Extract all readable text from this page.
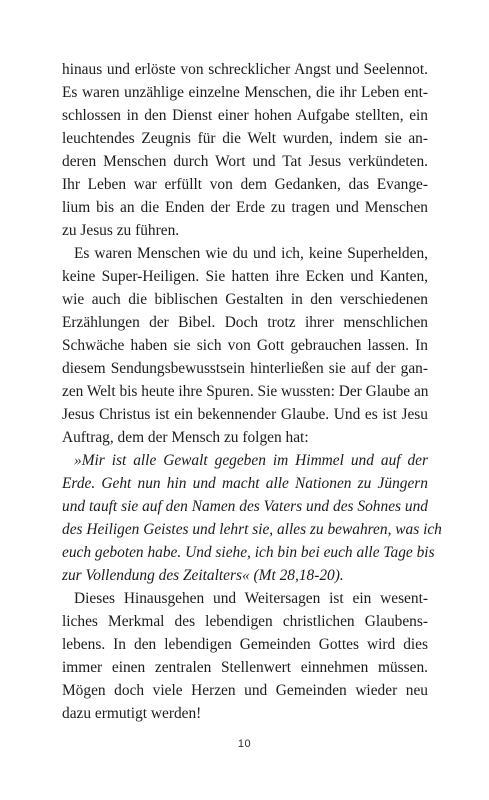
hinaus und erlöste von schrecklicher Angst und Seelennot.
Es waren unzählige einzelne Menschen, die ihr Leben ent-
schlossen in den Dienst einer hohen Aufgabe stellten, ein
leuchtendes Zeugnis für die Welt wurden, indem sie an-
deren Menschen durch Wort und Tat Jesus verkündeten.
Ihr Leben war erfüllt von dem Gedanken, das Evange-
lium bis an die Enden der Erde zu tragen und Menschen
zu Jesus zu führen.
Es waren Menschen wie du und ich, keine Superhelden,
keine Super-Heiligen. Sie hatten ihre Ecken und Kanten,
wie auch die biblischen Gestalten in den verschiedenen
Erzählungen der Bibel. Doch trotz ihrer menschlichen
Schwäche haben sie sich von Gott gebrauchen lassen. In
diesem Sendungsbewusstsein hinterließen sie auf der gan-
zen Welt bis heute ihre Spuren. Sie wussten: Der Glaube an
Jesus Christus ist ein bekennender Glaube. Und es ist Jesu
Auftrag, dem der Mensch zu folgen hat:
»Mir ist alle Gewalt gegeben im Himmel und auf der
Erde. Geht nun hin und macht alle Nationen zu Jüngern
und tauft sie auf den Namen des Vaters und des Sohnes und
des Heiligen Geistes und lehrt sie, alles zu bewahren, was ich
euch geboten habe. Und siehe, ich bin bei euch alle Tage bis
zur Vollendung des Zeitalters« (Mt 28,18-20).
Dieses Hinausgehen und Weitersagen ist ein wesent-
liches Merkmal des lebendigen christlichen Glaubens-
lebens. In den lebendigen Gemeinden Gottes wird dies
immer einen zentralen Stellenwert einnehmen müssen.
Mögen doch viele Herzen und Gemeinden wieder neu
dazu ermutigt werden!
10
